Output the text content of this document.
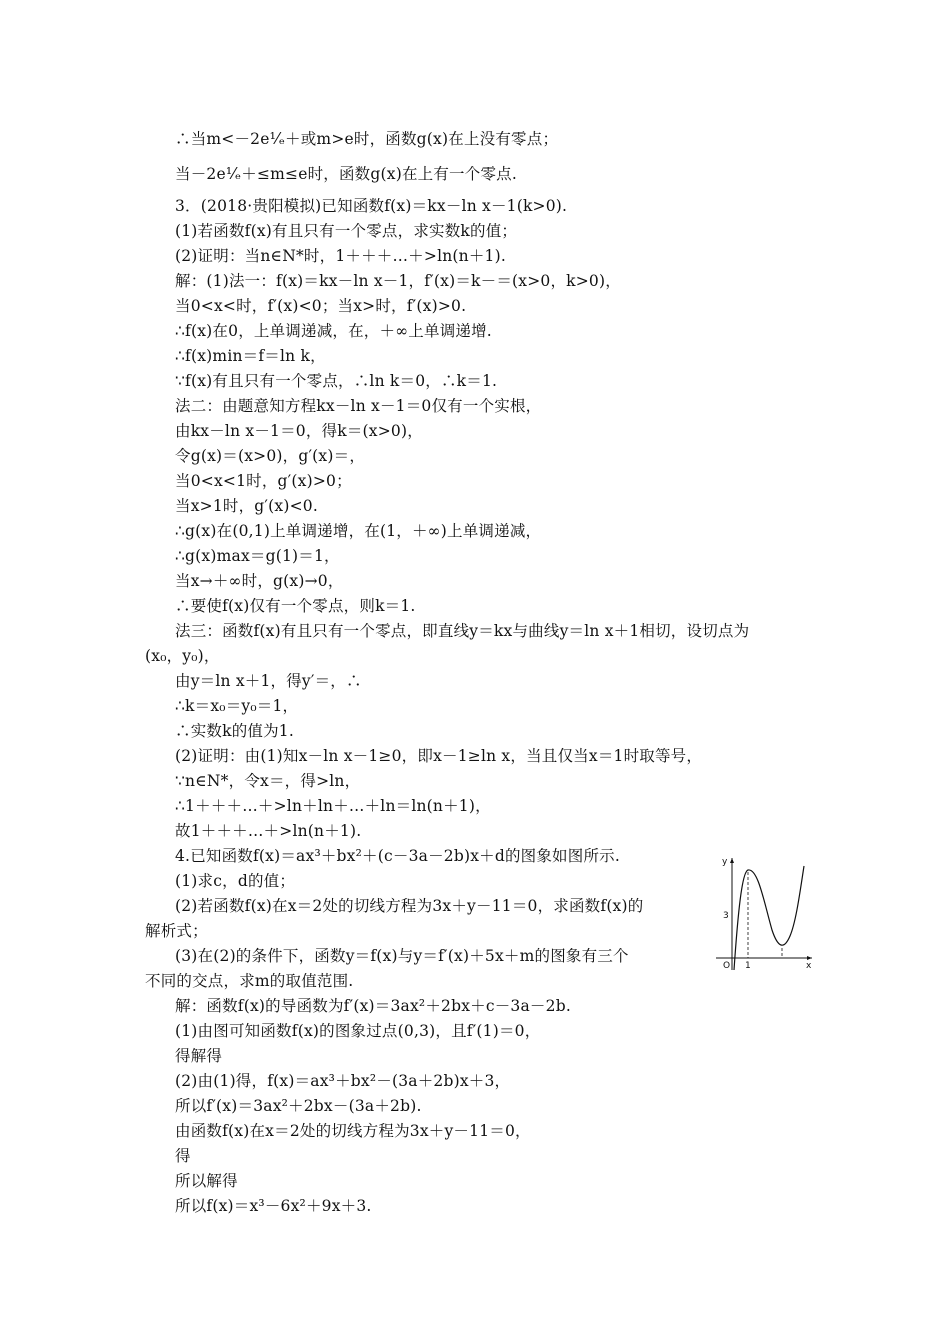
∴当m<－2e¹⁄ₑ＋或m>e时，函数g(x)在上没有零点；
当－2e¹⁄ₑ＋≤m≤e时，函数g(x)在上有一个零点.
3．(2018·贵阳模拟)已知函数f(x)＝kx－ln x－1(k>0).
(1)若函数f(x)有且只有一个零点，求实数k的值；
(2)证明：当n∈N*时，1＋＋＋…＋>ln(n＋1).
解：(1)法一：f(x)＝kx－ln x－1，f′(x)＝k－＝(x>0，k>0)，
当0<x<时，f′(x)<0；当x>时，f′(x)>0.
∴f(x)在0，上单调递减，在，＋∞上单调递增.
∴f(x)min＝f＝ln k，
∵f(x)有且只有一个零点，∴ln k＝0，∴k＝1.
法二：由题意知方程kx－ln x－1＝0仅有一个实根，
由kx－ln x－1＝0，得k＝(x>0)，
令g(x)＝(x>0)，g′(x)＝，
当0<x<1时，g′(x)>0；
当x>1时，g′(x)<0.
∴g(x)在(0,1)上单调递增，在(1，＋∞)上单调递减，
∴g(x)max＝g(1)＝1，
当x→＋∞时，g(x)→0，
∴要使f(x)仅有一个零点，则k＝1.
法三：函数f(x)有且只有一个零点，即直线y＝kx与曲线y＝ln x＋1相切，设切点为
(x₀，y₀)，
由y＝ln x＋1，得y′＝，∴
∴k＝x₀＝y₀＝1，
∴实数k的值为1.
(2)证明：由(1)知x－ln x－1≥0，即x－1≥ln x，当且仅当x＝1时取等号，
∵n∈N*，令x＝，得>ln，
∴1＋＋＋…＋>ln＋ln＋…＋ln＝ln(n＋1)，
故1＋＋＋…＋>ln(n＋1).
4.已知函数f(x)＝ax³＋bx²＋(c－3a－2b)x＋d的图象如图所示.
(1)求c，d的值；
(2)若函数f(x)在x＝2处的切线方程为3x＋y－11＝0，求函数f(x)的
解析式；
(3)在(2)的条件下，函数y＝f(x)与y＝f′(x)＋5x＋m的图象有三个
不同的交点，求m的取值范围.
解：函数f(x)的导函数为f′(x)＝3ax²＋2bx＋c－3a－2b.
(1)由图可知函数f(x)的图象过点(0,3)，且f′(1)＝0，
得解得
(2)由(1)得，f(x)＝ax³＋bx²－(3a＋2b)x＋3，
所以f′(x)＝3ax²＋2bx－(3a＋2b).
由函数f(x)在x＝2处的切线方程为3x＋y－11＝0，
得
所以解得
所以f(x)＝x³－6x²＋9x＋3.
y
x
O 1
3
